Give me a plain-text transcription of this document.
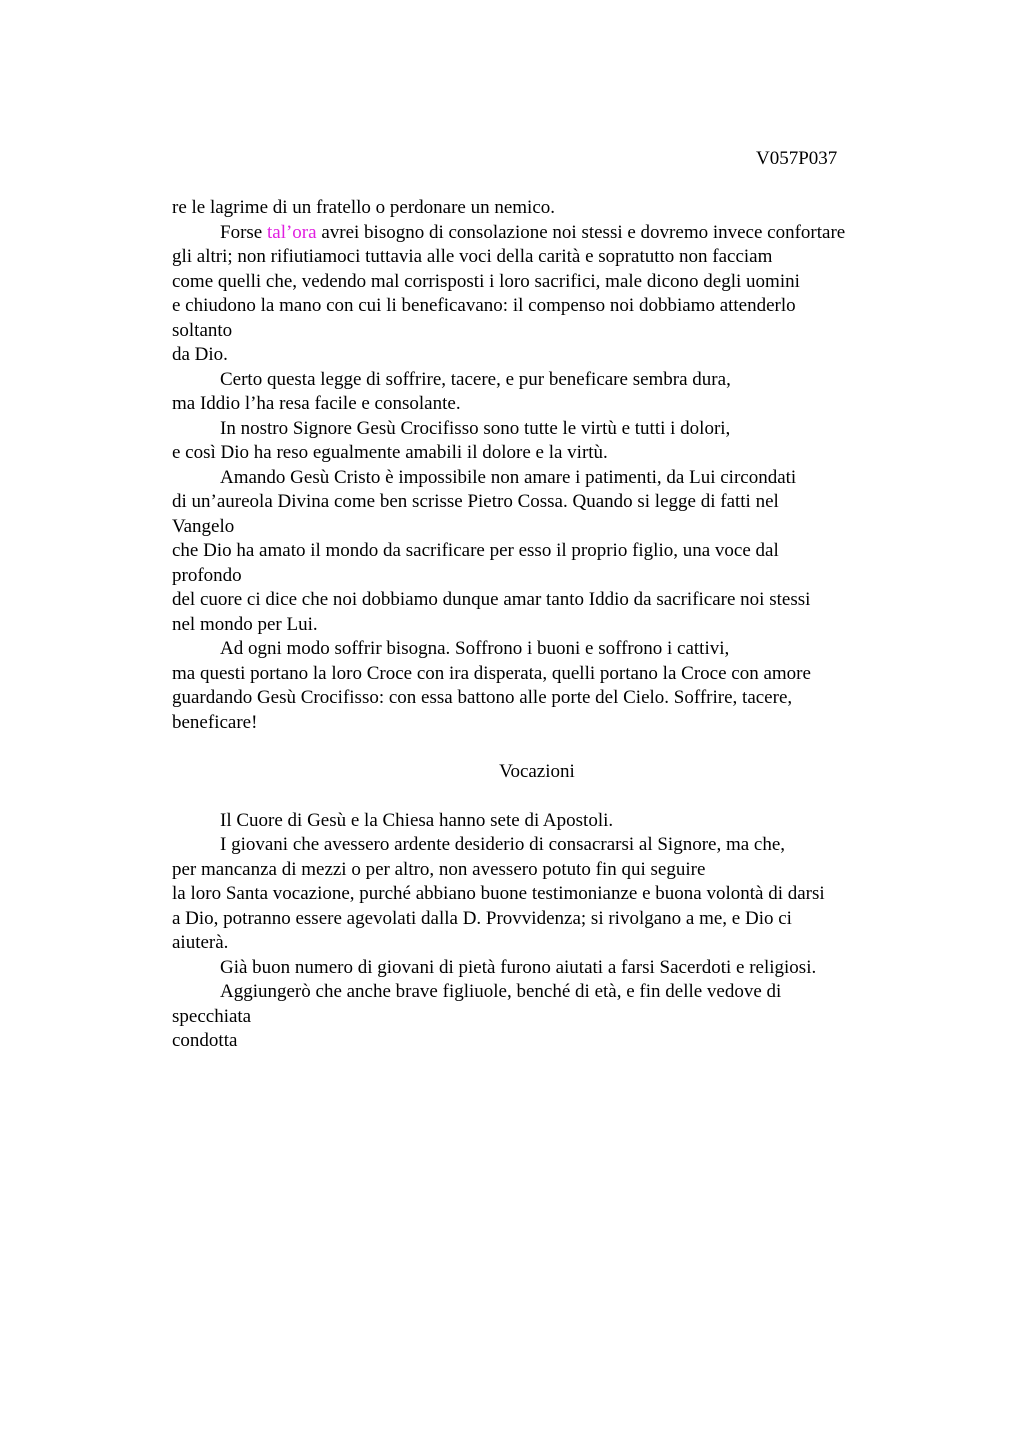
V057P037
re le lagrime di un fratello o perdonare un nemico.
Forse tal’ora avrei bisogno di consolazione noi stessi e dovremo invece confortare
gli altri; non rifiutiamoci tuttavia alle voci della carità e sopratutto non facciam
come quelli che, vedendo mal corrisposti i loro sacrifici, male dicono degli uomini
e chiudono la mano con cui li beneficavano: il compenso noi dobbiamo attenderlo
soltanto
da Dio.
Certo questa legge di soffrire, tacere, e pur beneficare sembra dura,
ma Iddio l’ha resa facile e consolante.
In nostro Signore Gesù Crocifisso sono tutte le virtù e tutti i dolori,
e così Dio ha reso egualmente amabili il dolore e la virtù.
Amando Gesù Cristo è impossibile non amare i patimenti, da Lui circondati
di un’aureola Divina come ben scrisse Pietro Cossa. Quando si legge di fatti nel
Vangelo
che Dio ha amato il mondo da sacrificare per esso il proprio figlio, una voce dal
profondo
del cuore ci dice che noi dobbiamo dunque amar tanto Iddio da sacrificare noi stessi
nel mondo per Lui.
Ad ogni modo soffrir bisogna. Soffrono i buoni e soffrono i cattivi,
ma questi portano la loro Croce con ira disperata, quelli portano la Croce con amore
guardando Gesù Crocifisso: con essa battono alle porte del Cielo. Soffrire, tacere,
beneficare!
Vocazioni
Il Cuore di Gesù e la Chiesa hanno sete di Apostoli.
I giovani che avessero ardente desiderio di consacrarsi al Signore, ma che,
per mancanza di mezzi o per altro, non avessero potuto fin qui seguire
la loro Santa vocazione, purché abbiano buone testimonianze e buona volontà di darsi
a Dio, potranno essere agevolati dalla D. Provvidenza; si rivolgano a me, e Dio ci
aiuterà.
Già buon numero di giovani di pietà furono aiutati a farsi Sacerdoti e religiosi.
Aggiungerò che anche brave figliuole, benché di età, e fin delle vedove di
specchiata
condotta
